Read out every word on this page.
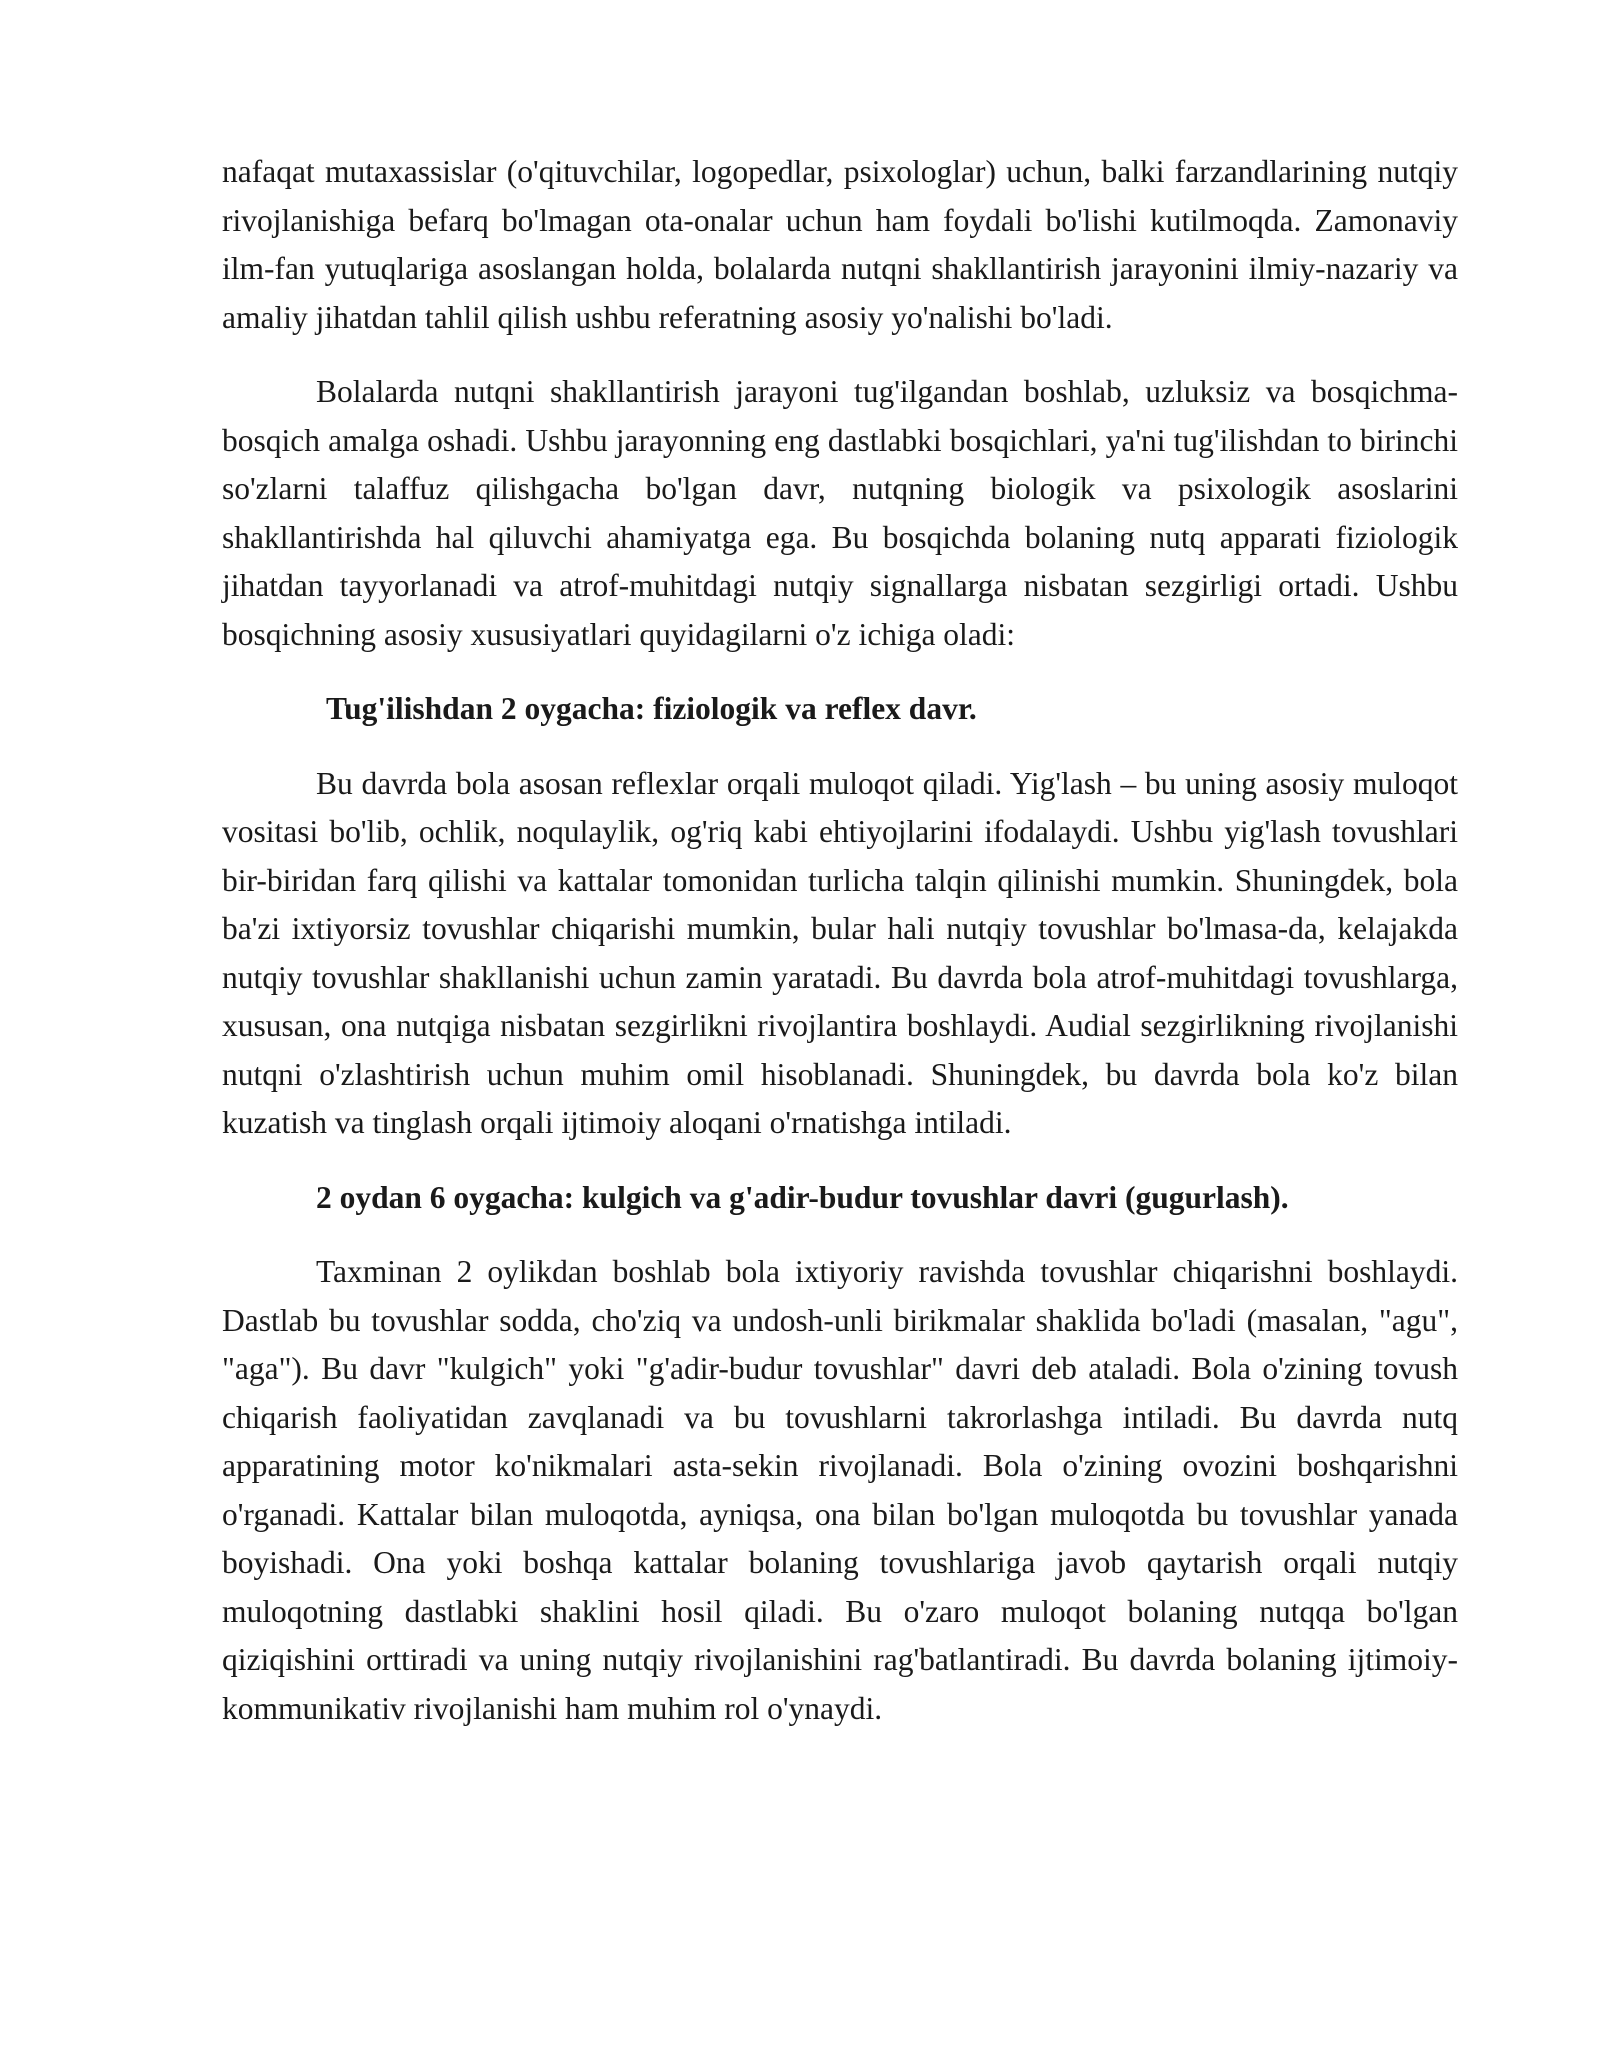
nafaqat mutaxassislar (o'qituvchilar, logopedlar, psixologlar) uchun, balki farzandlarining nutqiy rivojlanishiga befarq bo'lmagan ota-onalar uchun ham foydali bo'lishi kutilmoqda. Zamonaviy ilm-fan yutuqlariga asoslangan holda, bolalarda nutqni shakllantirish jarayonini ilmiy-nazariy va amaliy jihatdan tahlil qilish ushbu referatning asosiy yo'nalishi bo'ladi.

Bolalarda nutqni shakllantirish jarayoni tug'ilgandan boshlab, uzluksiz va bosqichma-bosqich amalga oshadi. Ushbu jarayonning eng dastlabki bosqichlari, ya'ni tug'ilishdan to birinchi so'zlarni talaffuz qilishgacha bo'lgan davr, nutqning biologik va psixologik asoslarini shakllantirishda hal qiluvchi ahamiyatga ega. Bu bosqichda bolaning nutq apparati fiziologik jihatdan tayyorlanadi va atrof-muhitdagi nutqiy signallarga nisbatan sezgirligi ortadi. Ushbu bosqichning asosiy xususiyatlari quyidagilarni o'z ichiga oladi:

Tug'ilishdan 2 oygacha: fiziologik va reflex davr.

Bu davrda bola asosan reflexlar orqali muloqot qiladi. Yig'lash – bu uning asosiy muloqot vositasi bo'lib, ochlik, noqulaylik, og'riq kabi ehtiyojlarini ifodalaydi. Ushbu yig'lash tovushlari bir-biridan farq qilishi va kattalar tomonidan turlicha talqin qilinishi mumkin. Shuningdek, bola ba'zi ixtiyorsiz tovushlar chiqarishi mumkin, bular hali nutqiy tovushlar bo'lmasa-da, kelajakda nutqiy tovushlar shakllanishi uchun zamin yaratadi. Bu davrda bola atrof-muhitdagi tovushlarga, xususan, ona nutqiga nisbatan sezgirlikni rivojlantira boshlaydi. Audial sezgirlikning rivojlanishi nutqni o'zlashtirish uchun muhim omil hisoblanadi. Shuningdek, bu davrda bola ko'z bilan kuzatish va tinglash orqali ijtimoiy aloqani o'rnatishga intiladi.

2 oydan 6 oygacha: kulgich va g'adir-budur tovushlar davri (gugurlash).

Taxminan 2 oylikdan boshlab bola ixtiyoriy ravishda tovushlar chiqarishni boshlaydi. Dastlab bu tovushlar sodda, cho'ziq va undosh-unli birikmalar shaklida bo'ladi (masalan, "agu", "aga"). Bu davr "kulgich" yoki "g'adir-budur tovushlar" davri deb ataladi. Bola o'zining tovush chiqarish faoliyatidan zavqlanadi va bu tovushlarni takrorlashga intiladi. Bu davrda nutq apparatining motor ko'nikmalari asta-sekin rivojlanadi. Bola o'zining ovozini boshqarishni o'rganadi. Kattalar bilan muloqotda, ayniqsa, ona bilan bo'lgan muloqotda bu tovushlar yanada boyishadi. Ona yoki boshqa kattalar bolaning tovushlariga javob qaytarish orqali nutqiy muloqotning dastlabki shaklini hosil qiladi. Bu o'zaro muloqot bolaning nutqqa bo'lgan qiziqishini orttiradi va uning nutqiy rivojlanishini rag'batlantiradi. Bu davrda bolaning ijtimoiy-kommunikativ rivojlanishi ham muhim rol o'ynaydi.
